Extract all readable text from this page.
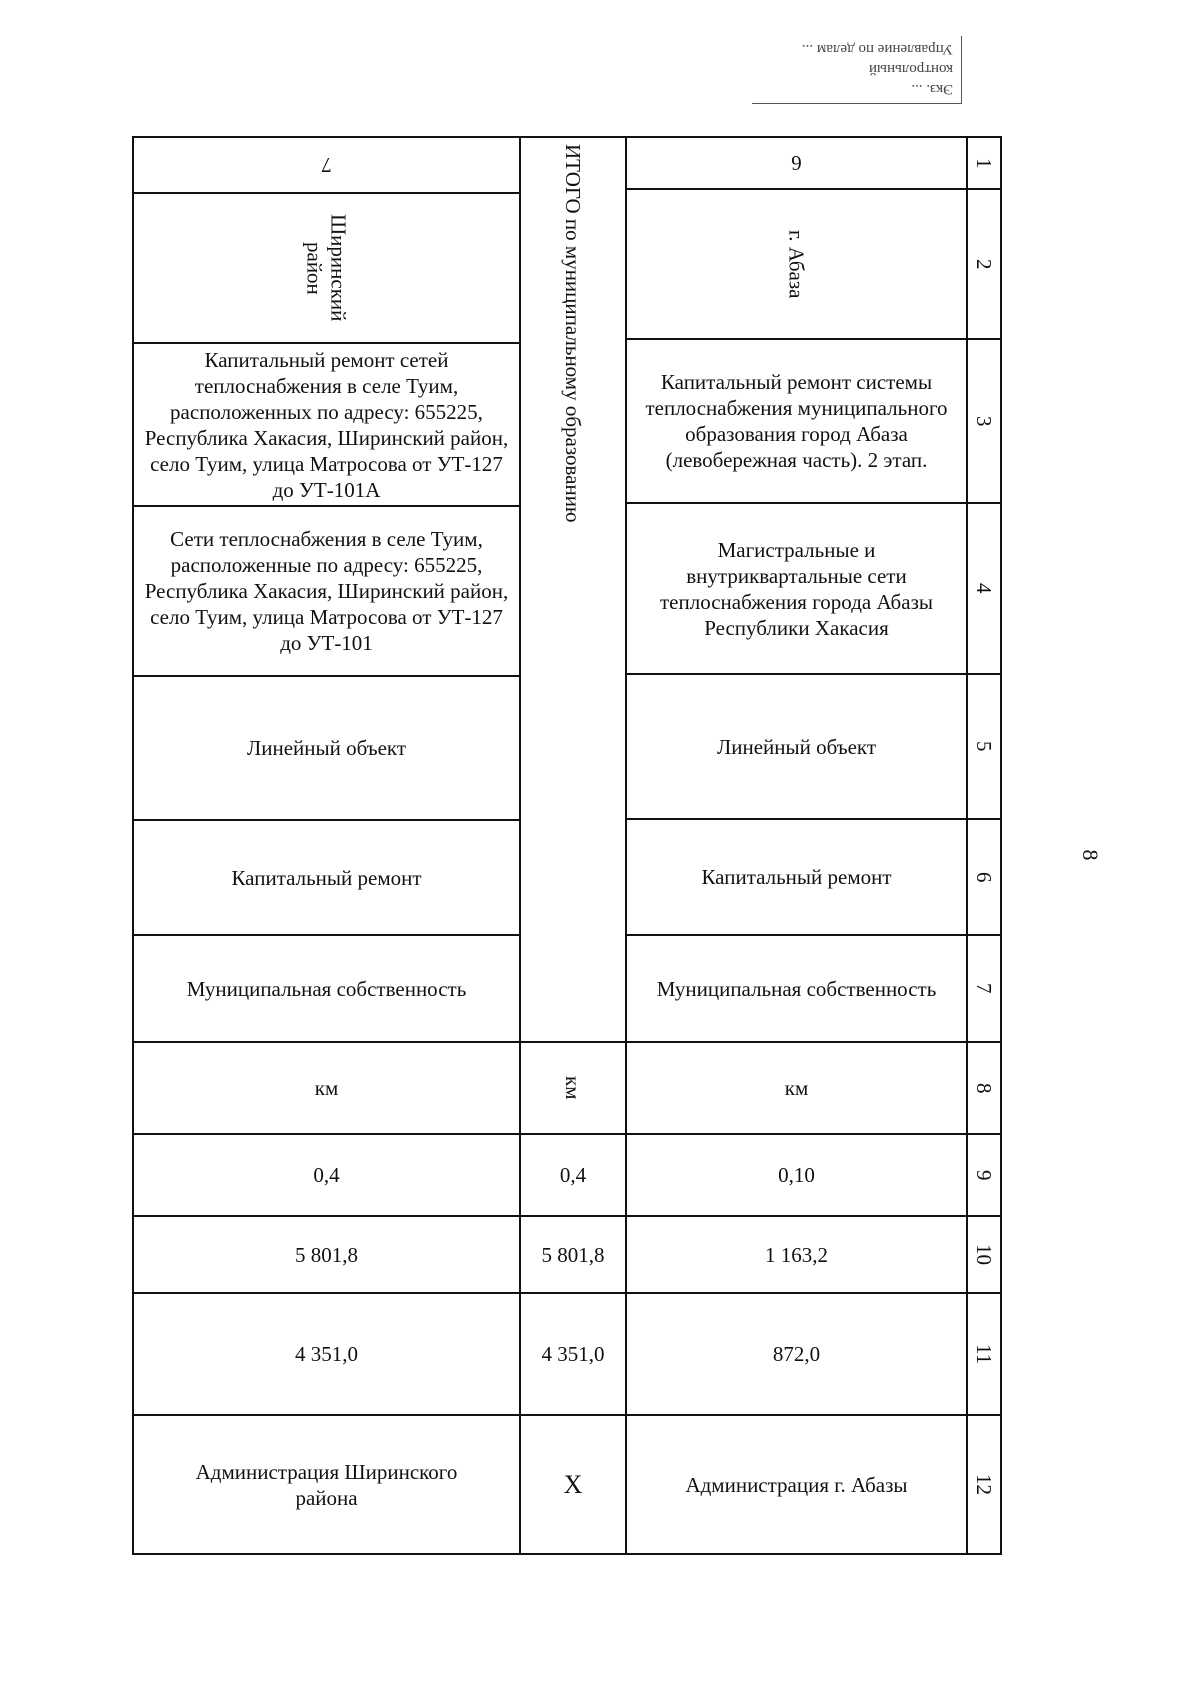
Экз. ...
контрольный
Управление по делам ...
8
1
2
3
4
5
6
7
8
9
10
11
12
6
г. Абаза
Капитальный ремонт системы теплоснабжения муниципального образования город Абаза (левобережная часть). 2 этап.
Магистральные и внутриквартальные сети теплоснабжения города Абазы Республики Хакасия
Линейный объект
Капитальный ремонт
Муниципальная собственность
км
0,10
1 163,2
872,0
Администрация г. Абазы
ИТОГО по муниципальному образованию
км
0,4
5 801,8
4 351,0
Х
7
Ширинский район
Капитальный ремонт сетей теплоснабжения в селе Туим, расположенных по адресу: 655225, Республика Хакасия, Ширинский район, село Туим, улица Матросова от УТ-127 до УТ-101А
Сети теплоснабжения в селе Туим, расположенные по адресу: 655225, Республика Хакасия, Ширинский район, село Туим, улица Матросова от УТ-127 до УТ-101
Линейный объект
Капитальный ремонт
Муниципальная собственность
км
0,4
5 801,8
4 351,0
Администрация Ширинского района
